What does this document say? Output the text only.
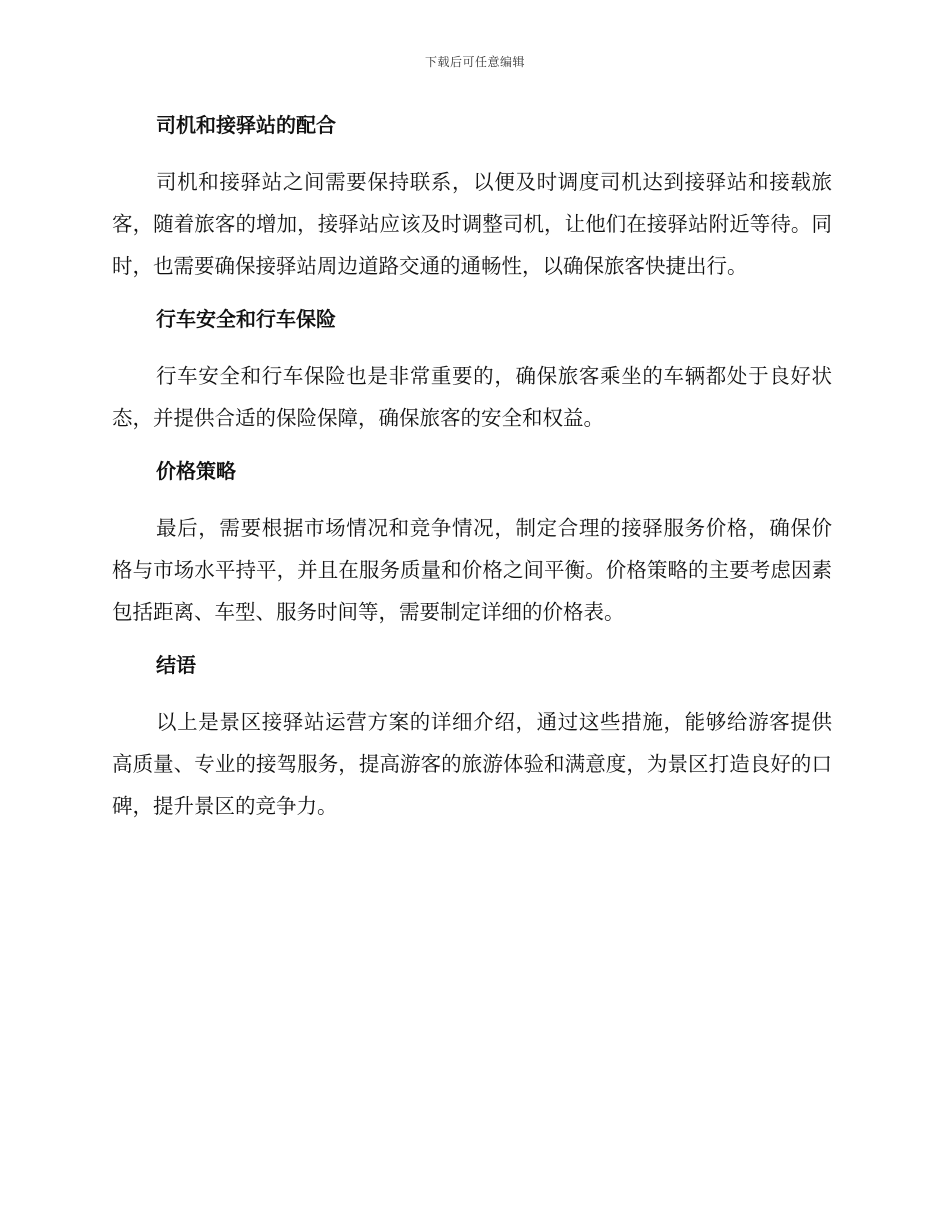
下载后可任意编辑
司机和接驿站的配合

司机和接驿站之间需要保持联系，以便及时调度司机达到接驿站和接载旅客，随着旅客的增加，接驿站应该及时调整司机，让他们在接驿站附近等待。同时，也需要确保接驿站周边道路交通的通畅性，以确保旅客快捷出行。

行车安全和行车保险

行车安全和行车保险也是非常重要的，确保旅客乘坐的车辆都处于良好状态，并提供合适的保险保障，确保旅客的安全和权益。

价格策略

最后，需要根据市场情况和竞争情况，制定合理的接驿服务价格，确保价格与市场水平持平，并且在服务质量和价格之间平衡。价格策略的主要考虑因素包括距离、车型、服务时间等，需要制定详细的价格表。

结语

以上是景区接驿站运营方案的详细介绍，通过这些措施，能够给游客提供高质量、专业的接驾服务，提高游客的旅游体验和满意度，为景区打造良好的口碑，提升景区的竞争力。
